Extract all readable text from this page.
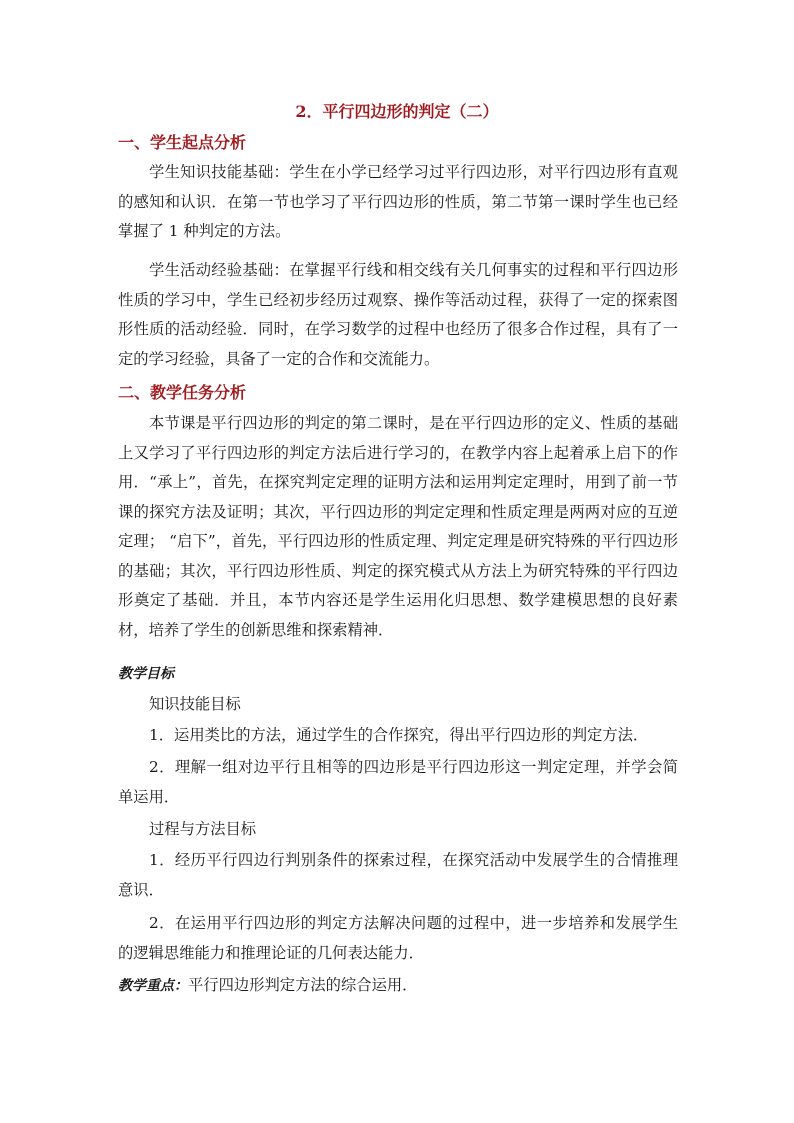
2．平行四边形的判定（二）
一、学生起点分析
学生知识技能基础：学生在小学已经学习过平行四边形，对平行四边形有直观的感知和认识．在第一节也学习了平行四边形的性质，第二节第一课时学生也已经掌握了 1 种判定的方法。
学生活动经验基础：在掌握平行线和相交线有关几何事实的过程和平行四边形性质的学习中，学生已经初步经历过观察、操作等活动过程，获得了一定的探索图形性质的活动经验．同时，在学习数学的过程中也经历了很多合作过程，具有了一定的学习经验，具备了一定的合作和交流能力。
二、教学任务分析
本节课是平行四边形的判定的第二课时，是在平行四边形的定义、性质的基础上又学习了平行四边形的判定方法后进行学习的，在教学内容上起着承上启下的作用．“承上”，首先，在探究判定定理的证明方法和运用判定定理时，用到了前一节课的探究方法及证明；其次，平行四边形的判定定理和性质定理是两两对应的互逆定理； “启下”，首先，平行四边形的性质定理、判定定理是研究特殊的平行四边形的基础；其次，平行四边形性质、判定的探究模式从方法上为研究特殊的平行四边形奠定了基础．并且，本节内容还是学生运用化归思想、数学建模思想的良好素材，培养了学生的创新思维和探索精神．
教学目标
知识技能目标
1．运用类比的方法，通过学生的合作探究，得出平行四边形的判定方法．
2．理解一组对边平行且相等的四边形是平行四边形这一判定定理，并学会简单运用．
过程与方法目标
1．经历平行四边行判别条件的探索过程，在探究活动中发展学生的合情推理意识．
2．在运用平行四边形的判定方法解决问题的过程中，进一步培养和发展学生的逻辑思维能力和推理论证的几何表达能力．
教学重点：平行四边形判定方法的综合运用．
